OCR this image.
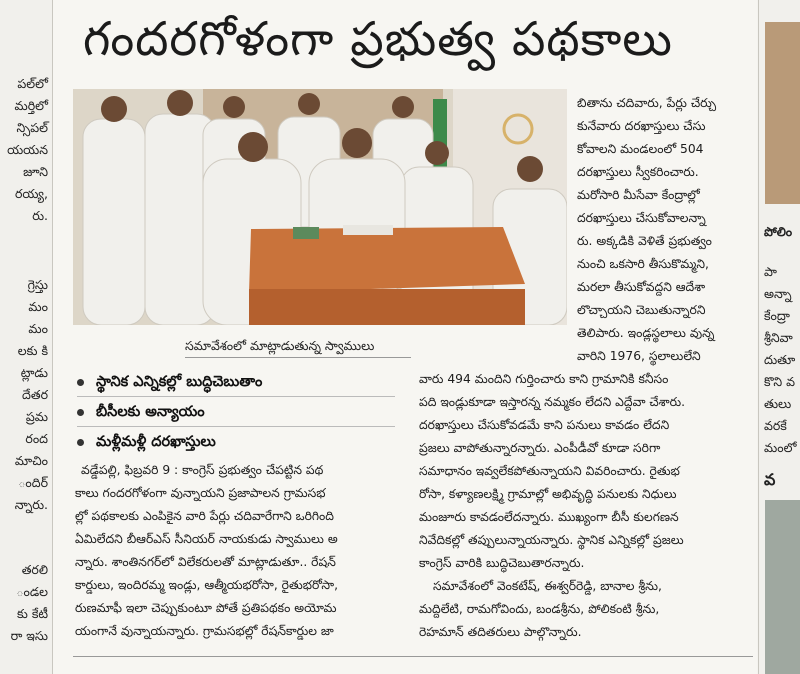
పల్‌లో
మర్తిలో
న్సిపల్
యయన
జూని
రయ్య,
రు.
గ్రెస్తు
మం
మం
లకు కి
ట్లాడు
దేతర
ప్రమ
రంద
మాచిం
ందిర్
న్నారు.
తరలి
ండల
కు కేటీ
రా ఇసు
గందరగోళంగా ప్రభుత్వ పథకాలు
సమావేశంలో మాట్లాడుతున్న స్వాములు
స్థానిక ఎన్నికల్లో బుద్ధిచెబుతాం
బీసీలకు అన్యాయం
మళ్లీమళ్లీ దరఖాస్తులు
వడ్డేపల్లి, ఫిబ్రవరి 9 : కాంగ్రెస్ ప్రభుత్వం చేపట్టిన పథ
కాలు గందరగోళంగా వున్నాయని ప్రజాపాలన గ్రామసభ
ల్లో పథకాలకు ఎంపికైన వారి పేర్లు చదివారేగాని ఒరిగింది
ఏమిలేదని బీఆర్ఎస్ సీనియర్ నాయకుడు స్వాములు అ
న్నారు. శాంతినగర్‌లో విలేకరులతో మాట్లాడుతూ.. రేషన్
కార్డులు, ఇందిరమ్మ ఇండ్లు, ఆత్మీయభరోసా, రైతుభరోసా,
రుణమాఫీ ఇలా చెప్పుకుంటూ పోతే ప్రతిపథకం అయోమ
యంగానే వున్నాయన్నారు. గ్రామసభల్లో రేషన్‌కార్డుల జా
బితాను చదివారు, పేర్లు చేర్చు
కునేవారు దరఖాస్తులు చేసు
కోవాలని మండలంలో 504
దరఖాస్తులు స్వీకరించారు.
మరోసారి మీసేవా కేంద్రాల్లో
దరఖాస్తులు చేసుకోవాలన్నా
రు. అక్కడికి వెళితే ప్రభుత్వం
నుంచి ఒకసారి తీసుకొమ్మని,
మరలా తీసుకోవద్దని ఆదేశా
లొచ్చాయని చెబుతున్నారని
తెలిపారు. ఇండ్లస్థలాలు వున్న
వారిని 1976, స్థలాలులేని
వారు 494 మందిని గుర్తించారు కాని గ్రామానికి కనీసం
పది ఇండ్లుకూడా ఇస్తారన్న నమ్మకం లేదని ఎద్దేవా చేశారు.
దరఖాస్తులు చేసుకోవడమే కాని పనులు కావడం లేదని
ప్రజలు వాపోతున్నారన్నారు. ఎంపీడీవో కూడా సరిగా
సమాధానం ఇవ్వలేకపోతున్నాయని వివరించారు. రైతుభ
రోసా, కళ్యాణలక్ష్మి గ్రామాల్లో అభివృద్ధి పనులకు నిధులు
మంజూరు కావడంలేదన్నారు. ముఖ్యంగా బీసీ కులగణన
నివేదికల్లో తప్పులున్నాయన్నారు. స్థానిక ఎన్నికల్లో ప్రజలు
కాంగ్రెస్ వారికి బుద్ధిచెబుతారన్నారు.
సమావేశంలో వెంకటేష్, ఈశ్వర్‌రెడ్డి, బానాల శ్రీను,
మద్దిలేటి, రామగోవిందు, బండశ్రీను, పోలికంటి శ్రీను,
రెహమాన్ తదితరులు పాల్గొన్నారు.
పోలిం
పా
అన్నా
కేంద్రా
శ్రీనివా
దుతూ
కొని వ
తులు
వరకే
మంలో
వ
